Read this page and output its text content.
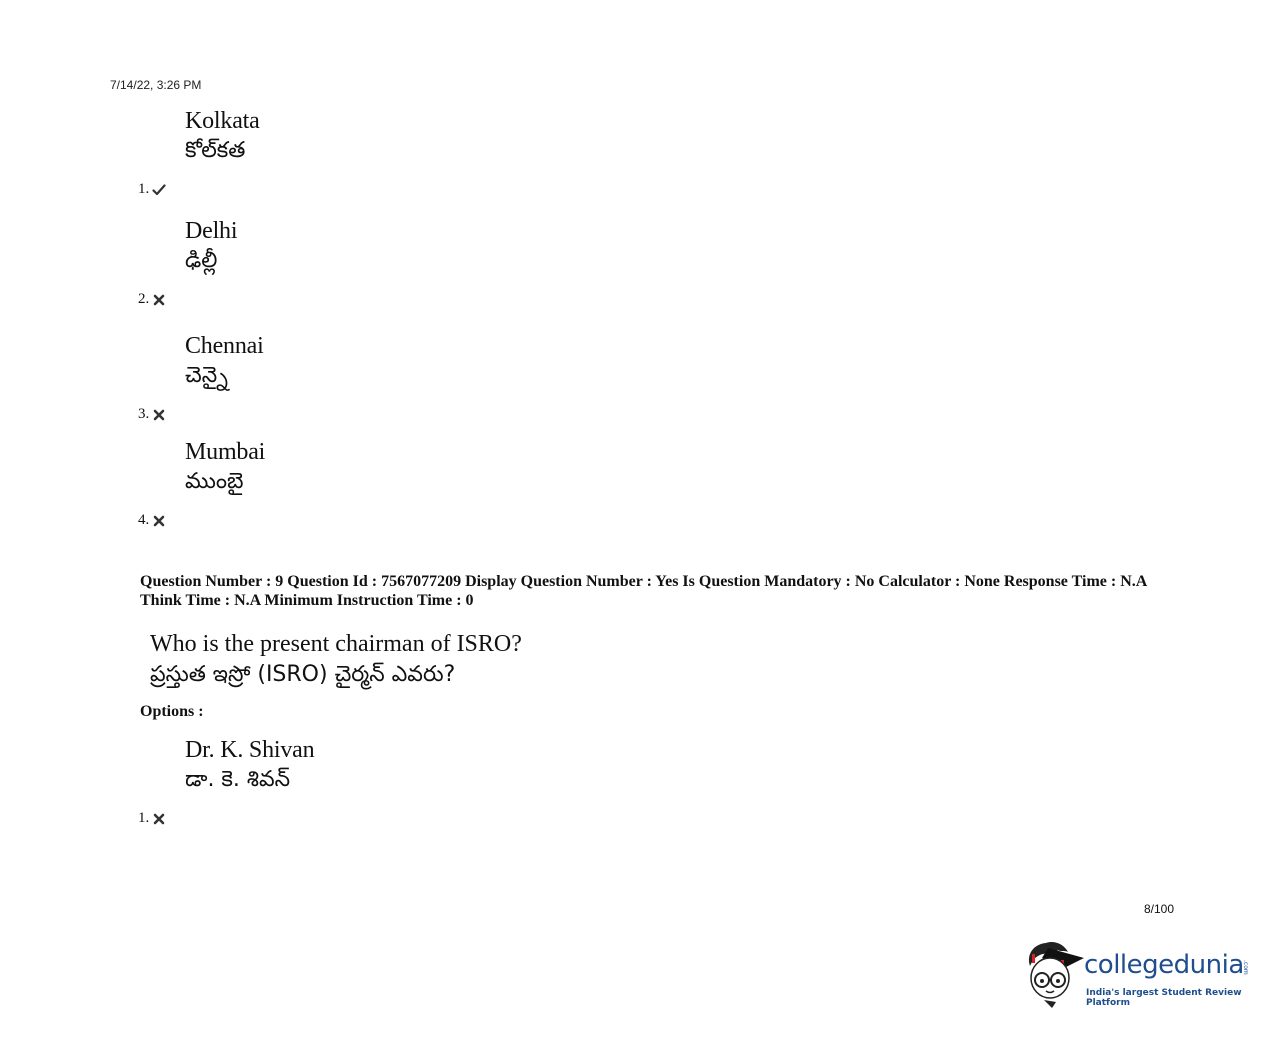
7/14/22, 3:26 PM
Kolkata
కోల్‌కత
1.
Delhi
ఢిల్లీ
2.
Chennai
చెన్నై
3.
Mumbai
ముంబై
4.
Question Number : 9 Question Id : 7567077209 Display Question Number : Yes Is Question Mandatory : No Calculator : None Response Time : N.A Think Time : N.A Minimum Instruction Time : 0
Who is the present chairman of ISRO?
ప్రస్తుత ఇస్రో (ISRO) చైర్మన్ ఎవరు?
Options :
Dr. K. Shivan
డా. కె. శివన్
1.
8/100
collegedunia
.com
India's largest Student Review Platform
